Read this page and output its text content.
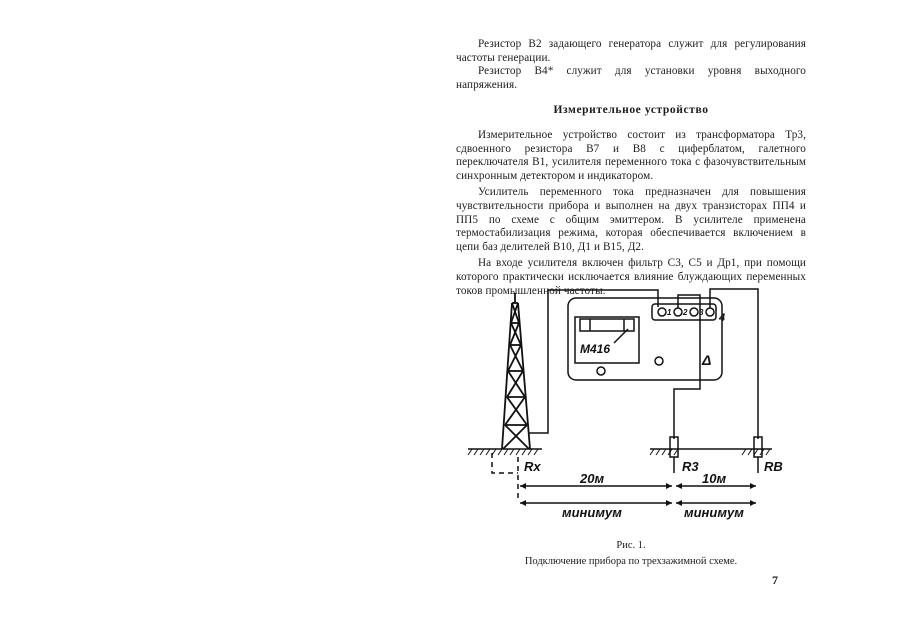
Резистор В2 задающего генератора служит для регулирования частоты генерации.

Резистор В4* служит для установки уровня выходного напряжения.

Измерительное устройство

Измерительное устройство состоит из трансформатора Тр3, сдвоенного резистора В7 и В8 с циферблатом, галетного переключателя В1, усилителя переменного тока с фазочувствительным синхронным детектором и индикатором.

Усилитель переменного тока предназначен для повышения чувствительности прибора и выполнен на двух транзисторах ПП4 и ПП5 по схеме с общим эмиттером. В усилителе применена термостабилизация режима, которая обеспечивается включением в цепи баз делителей В10, Д1 и В15, Д2.

На входе усилителя включен фильтр С3, С5 и Др1, при помощи которого практически исключается влияние блуждающих переменных токов промышленной частоты.

M416
Δ
1 2 3 4
Rx	R3	RB
20м	10м
минимум	минимум
Рис. 1.
Подключение прибора по трехзажимной схеме.
7
